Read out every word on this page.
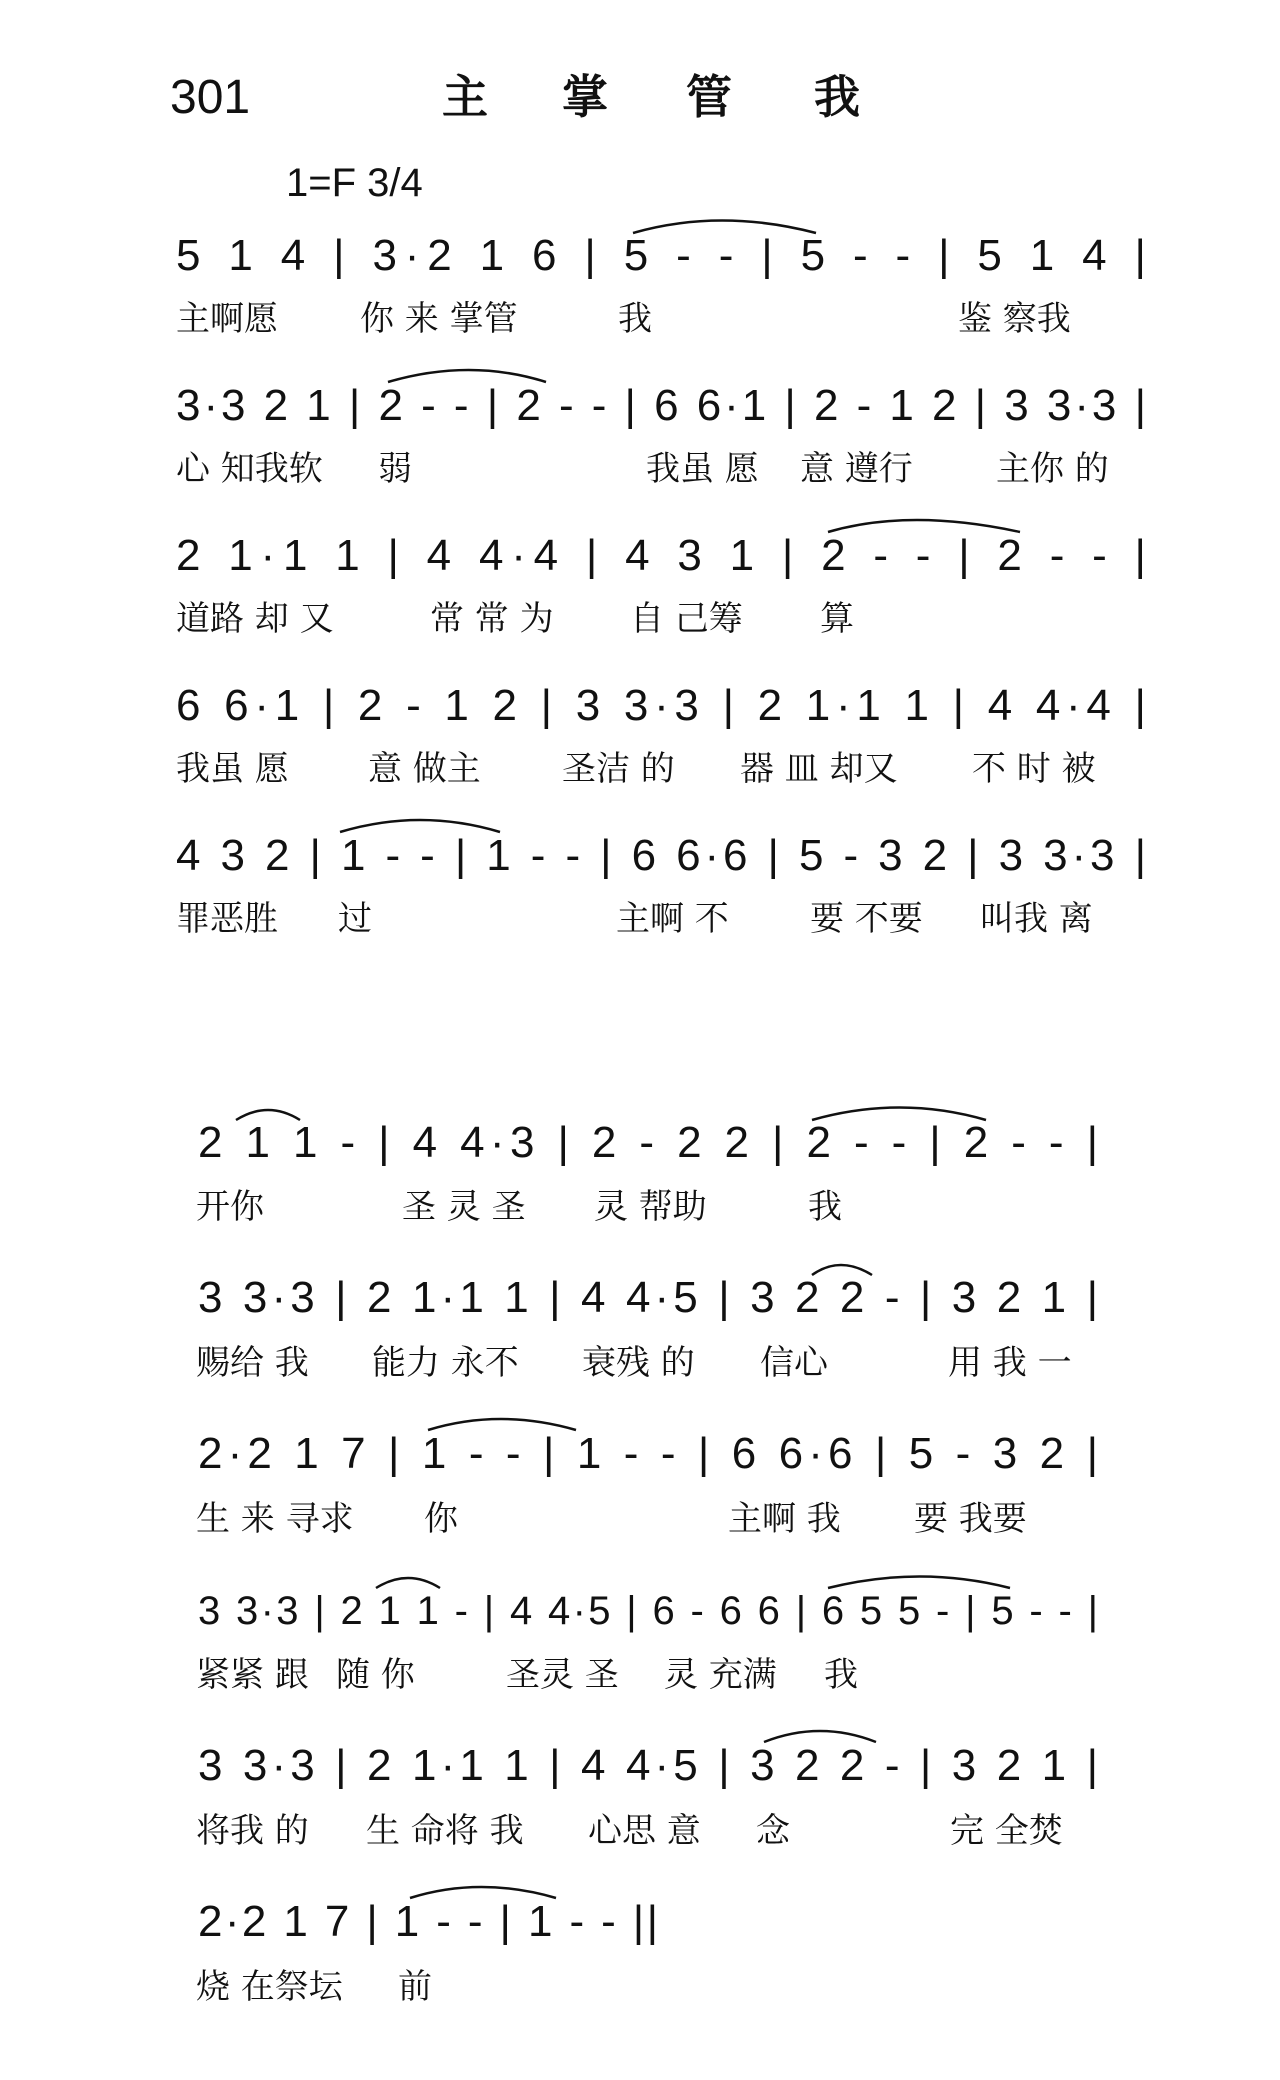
301	主 掌 管 我
1=F 3/4
5 1 4 | 3·2 1 6 | 5 - - | 5 - - | 5 1 4 |
主啊愿 你 来 掌管	我	鉴 察我
3·3 2 1 | 2 - - | 2 - - | 6 6·1 | 2 - 1 2 | 3 3·3 |
心 知我软 弱	我虽 愿 意 遵行 主你 的
2 1·1 1 | 4 4·4 | 4 3 1 | 2 - - | 2 - - |
道路 却 又	常 常 为 自 己筹 算
6 6·1 | 2 - 1 2 | 3 3·3 | 2 1·1 1 | 4 4·4 |
我虽 愿 意 做主 圣洁 的 器 皿 却又 不 时 被
4 3 2 | 1 - - | 1 - - | 6 6·6 | 5 - 3 2 | 3 3·3 |
罪恶胜 过	主啊 不 要 不要 叫我 离
2 1 1 - | 4 4·3 | 2 - 2 2 | 2 - - | 2 - - |
开你	圣 灵 圣 灵 帮助	我
3 3·3 | 2 1·1 1 | 4 4·5 | 3 2 2 - | 3 2 1 |
赐给 我 能力 永不 衰残 的 信心	用 我 一
2·2 1 7 | 1 - - | 1 - - | 6 6·6 | 5 - 3 2 |
生 来 寻求 你	主啊 我 要 我要
3 3·3 | 2 1 1 - | 4 4·5 | 6 - 6 6 | 6 5 5 - | 5 - - |
紧紧 跟 随 你	圣灵 圣 灵 充满 我
3 3·3 | 2 1·1 1 | 4 4·5 | 3 2 2 - | 3 2 1 |
将我 的 生 命将 我 心思 意 念	完 全焚
2·2 1 7 | 1 - - | 1 - - ||
烧 在祭坛 前
